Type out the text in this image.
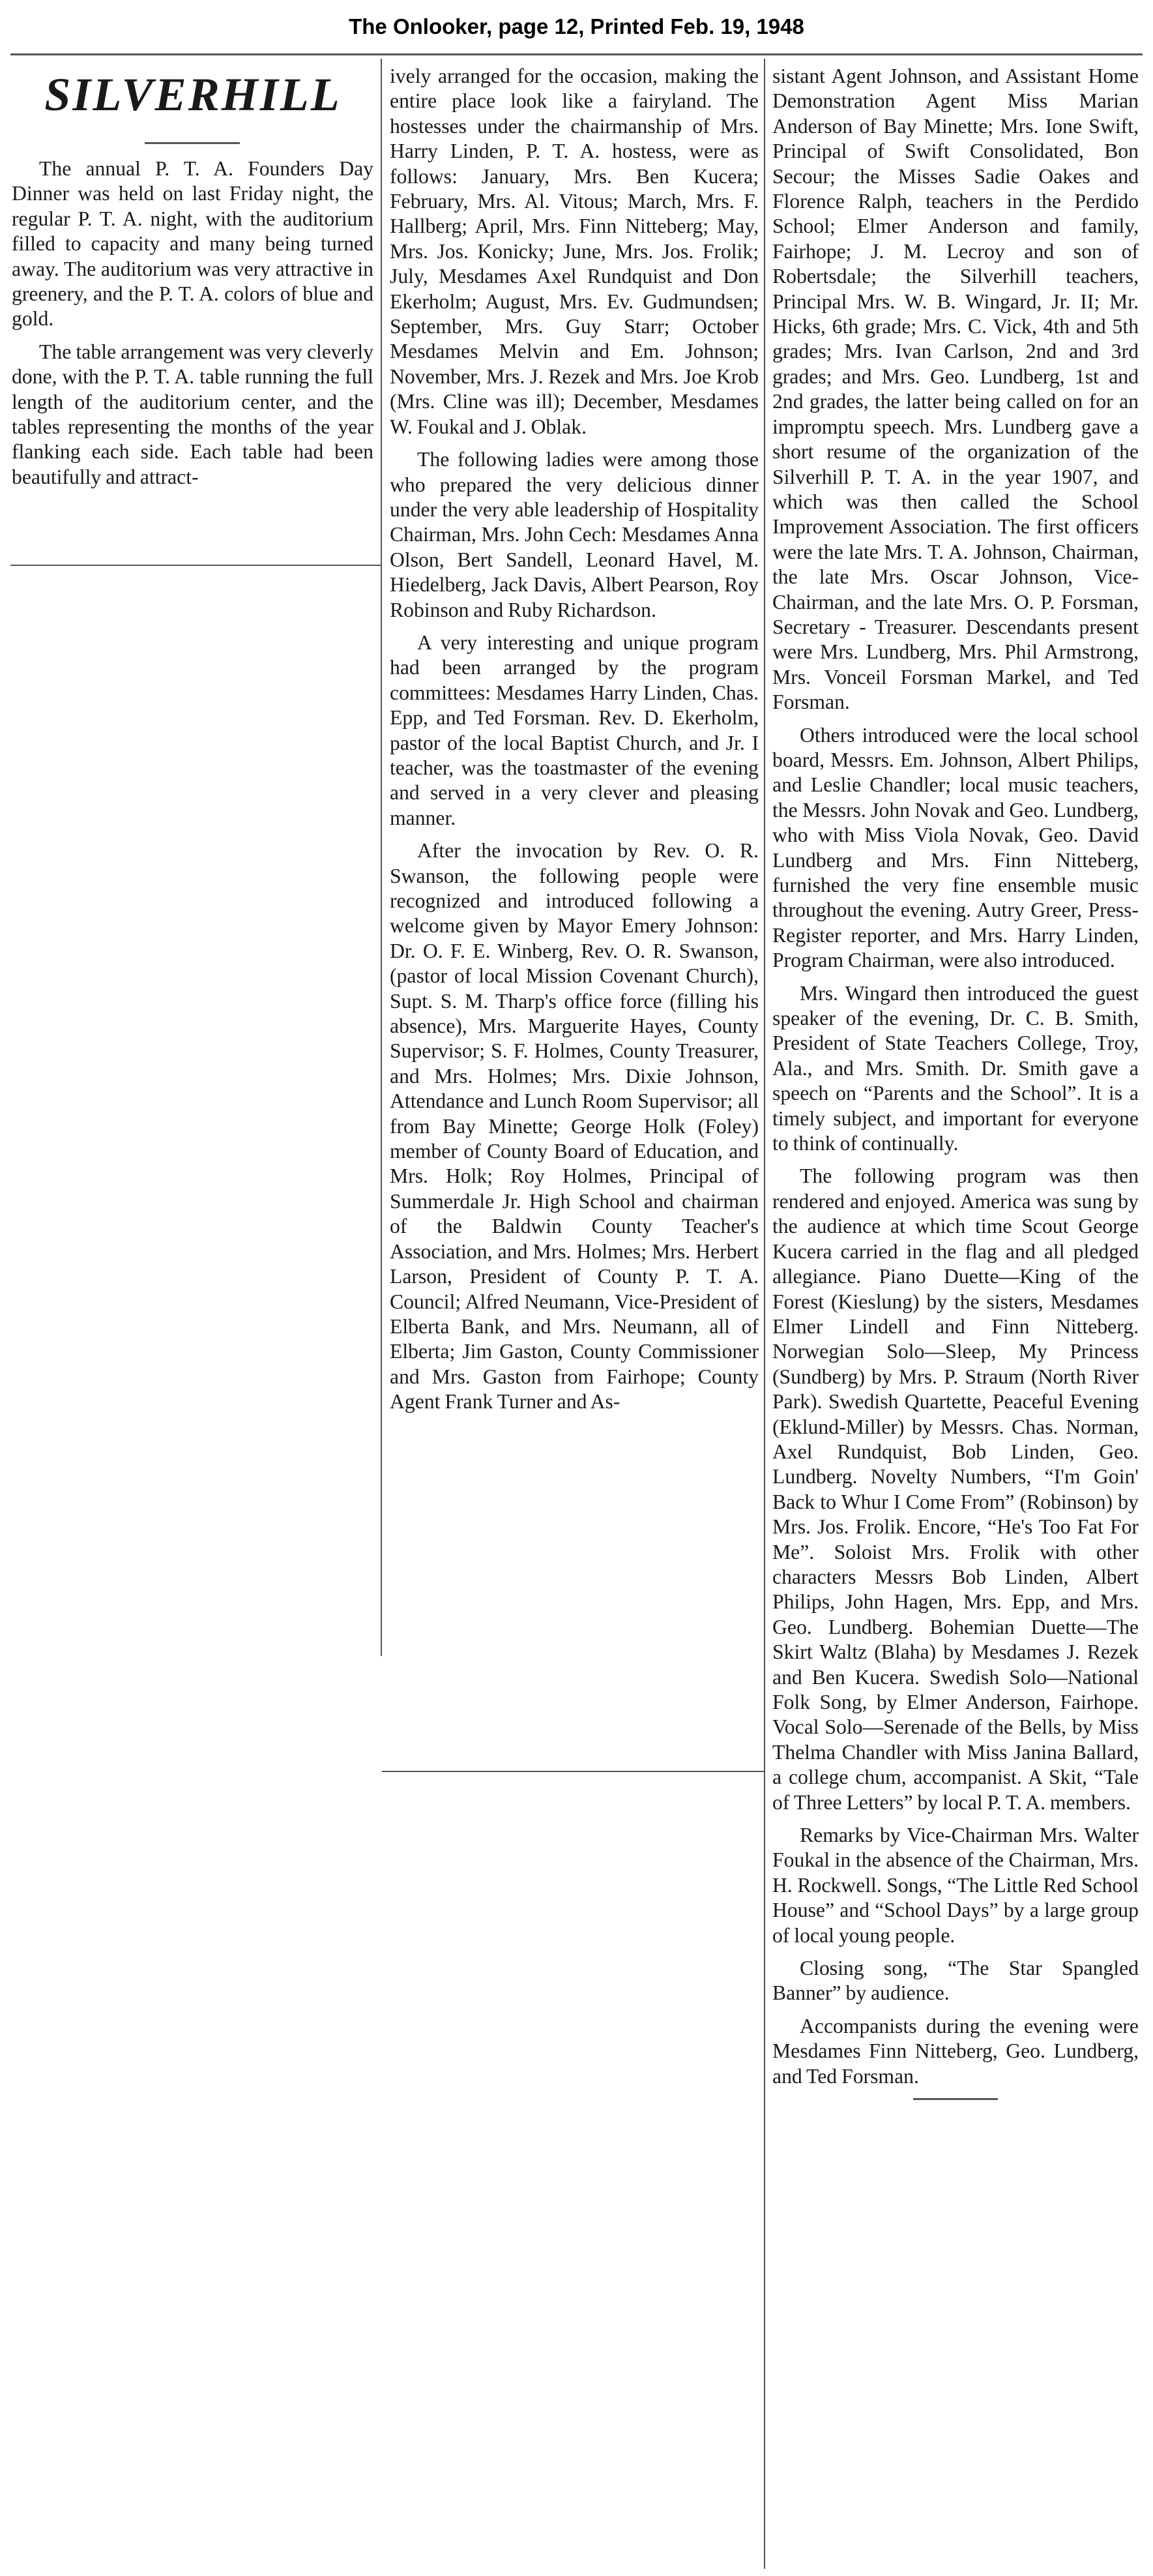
The Onlooker, page 12, Printed Feb. 19, 1948
SILVERHILL

The annual P. T. A. Founders Day Dinner was held on last Friday night, the regular P. T. A. night, with the auditorium filled to capacity and many being turned away. The auditorium was very attractive in greenery, and the P. T. A. colors of blue and gold.

The table arrangement was very cleverly done, with the P. T. A. table running the full length of the auditorium center, and the tables representing the months of the year flanking each side. Each table had been beautifully and attract-

ively arranged for the occasion, making the entire place look like a fairyland. The hostesses under the chairmanship of Mrs. Harry Linden, P. T. A. hostess, were as follows: January, Mrs. Ben Kucera; February, Mrs. Al. Vitous; March, Mrs. F. Hallberg; April, Mrs. Finn Nitteberg; May, Mrs. Jos. Konicky; June, Mrs. Jos. Frolik; July, Mesdames Axel Rundquist and Don Ekerholm; August, Mrs. Ev. Gudmundsen; September, Mrs. Guy Starr; October Mesdames Melvin and Em. Johnson; November, Mrs. J. Rezek and Mrs. Joe Krob (Mrs. Cline was ill); December, Mesdames W. Foukal and J. Oblak.

The following ladies were among those who prepared the very delicious dinner under the very able leadership of Hospitality Chairman, Mrs. John Cech: Mesdames Anna Olson, Bert Sandell, Leonard Havel, M. Hiedelberg, Jack Davis, Albert Pearson, Roy Robinson and Ruby Richardson.

A very interesting and unique program had been arranged by the program committees: Mesdames Harry Linden, Chas. Epp, and Ted Forsman. Rev. D. Ekerholm, pastor of the local Baptist Church, and Jr. I teacher, was the toastmaster of the evening and served in a very clever and pleasing manner.

After the invocation by Rev. O. R. Swanson, the following people were recognized and introduced following a welcome given by Mayor Emery Johnson: Dr. O. F. E. Winberg, Rev. O. R. Swanson, (pastor of local Mission Covenant Church), Supt. S. M. Tharp's office force (filling his absence), Mrs. Marguerite Hayes, County Supervisor; S. F. Holmes, County Treasurer, and Mrs. Holmes; Mrs. Dixie Johnson, Attendance and Lunch Room Supervisor; all from Bay Minette; George Holk (Foley) member of County Board of Education, and Mrs. Holk; Roy Holmes, Principal of Summerdale Jr. High School and chairman of the Baldwin County Teacher's Association, and Mrs. Holmes; Mrs. Herbert Larson, President of County P. T. A. Council; Alfred Neumann, Vice-President of Elberta Bank, and Mrs. Neumann, all of Elberta; Jim Gaston, County Commissioner and Mrs. Gaston from Fairhope; County Agent Frank Turner and As-

sistant Agent Johnson, and Assistant Home Demonstration Agent Miss Marian Anderson of Bay Minette; Mrs. Ione Swift, Principal of Swift Consolidated, Bon Secour; the Misses Sadie Oakes and Florence Ralph, teachers in the Perdido School; Elmer Anderson and family, Fairhope; J. M. Lecroy and son of Robertsdale; the Silverhill teachers, Principal Mrs. W. B. Wingard, Jr. II; Mr. Hicks, 6th grade; Mrs. C. Vick, 4th and 5th grades; Mrs. Ivan Carlson, 2nd and 3rd grades; and Mrs. Geo. Lundberg, 1st and 2nd grades, the latter being called on for an impromptu speech. Mrs. Lundberg gave a short resume of the organization of the Silverhill P. T. A. in the year 1907, and which was then called the School Improvement Association. The first officers were the late Mrs. T. A. Johnson, Chairman, the late Mrs. Oscar Johnson, Vice-Chairman, and the late Mrs. O. P. Forsman, Secretary - Treasurer. Descendants present were Mrs. Lundberg, Mrs. Phil Armstrong, Mrs. Vonceil Forsman Markel, and Ted Forsman.

Others introduced were the local school board, Messrs. Em. Johnson, Albert Philips, and Leslie Chandler; local music teachers, the Messrs. John Novak and Geo. Lundberg, who with Miss Viola Novak, Geo. David Lundberg and Mrs. Finn Nitteberg, furnished the very fine ensemble music throughout the evening. Autry Greer, Press-Register reporter, and Mrs. Harry Linden, Program Chairman, were also introduced.

Mrs. Wingard then introduced the guest speaker of the evening, Dr. C. B. Smith, President of State Teachers College, Troy, Ala., and Mrs. Smith. Dr. Smith gave a speech on “Parents and the School”. It is a timely subject, and important for everyone to think of continually.

The following program was then rendered and enjoyed. America was sung by the audience at which time Scout George Kucera carried in the flag and all pledged allegiance. Piano Duette—King of the Forest (Kieslung) by the sisters, Mesdames Elmer Lindell and Finn Nitteberg. Norwegian Solo—Sleep, My Princess (Sundberg) by Mrs. P. Straum (North River Park). Swedish Quartette, Peaceful Evening (Eklund-Miller) by Messrs. Chas. Norman, Axel Rundquist, Bob Linden, Geo. Lundberg. Novelty Numbers, “I'm Goin' Back to Whur I Come From” (Robinson) by Mrs. Jos. Frolik. Encore, “He's Too Fat For Me”. Soloist Mrs. Frolik with other characters Messrs Bob Linden, Albert Philips, John Hagen, Mrs. Epp, and Mrs. Geo. Lundberg. Bohemian Duette—The Skirt Waltz (Blaha) by Mesdames J. Rezek and Ben Kucera. Swedish Solo—National Folk Song, by Elmer Anderson, Fairhope. Vocal Solo—Serenade of the Bells, by Miss Thelma Chandler with Miss Janina Ballard, a college chum, accompanist. A Skit, “Tale of Three Letters” by local P. T. A. members.

Remarks by Vice-Chairman Mrs. Walter Foukal in the absence of the Chairman, Mrs. H. Rockwell. Songs, “The Little Red School House” and “School Days” by a large group of local young people.

Closing song, “The Star Spangled Banner” by audience.

Accompanists during the evening were Mesdames Finn Nitteberg, Geo. Lundberg, and Ted Forsman.
